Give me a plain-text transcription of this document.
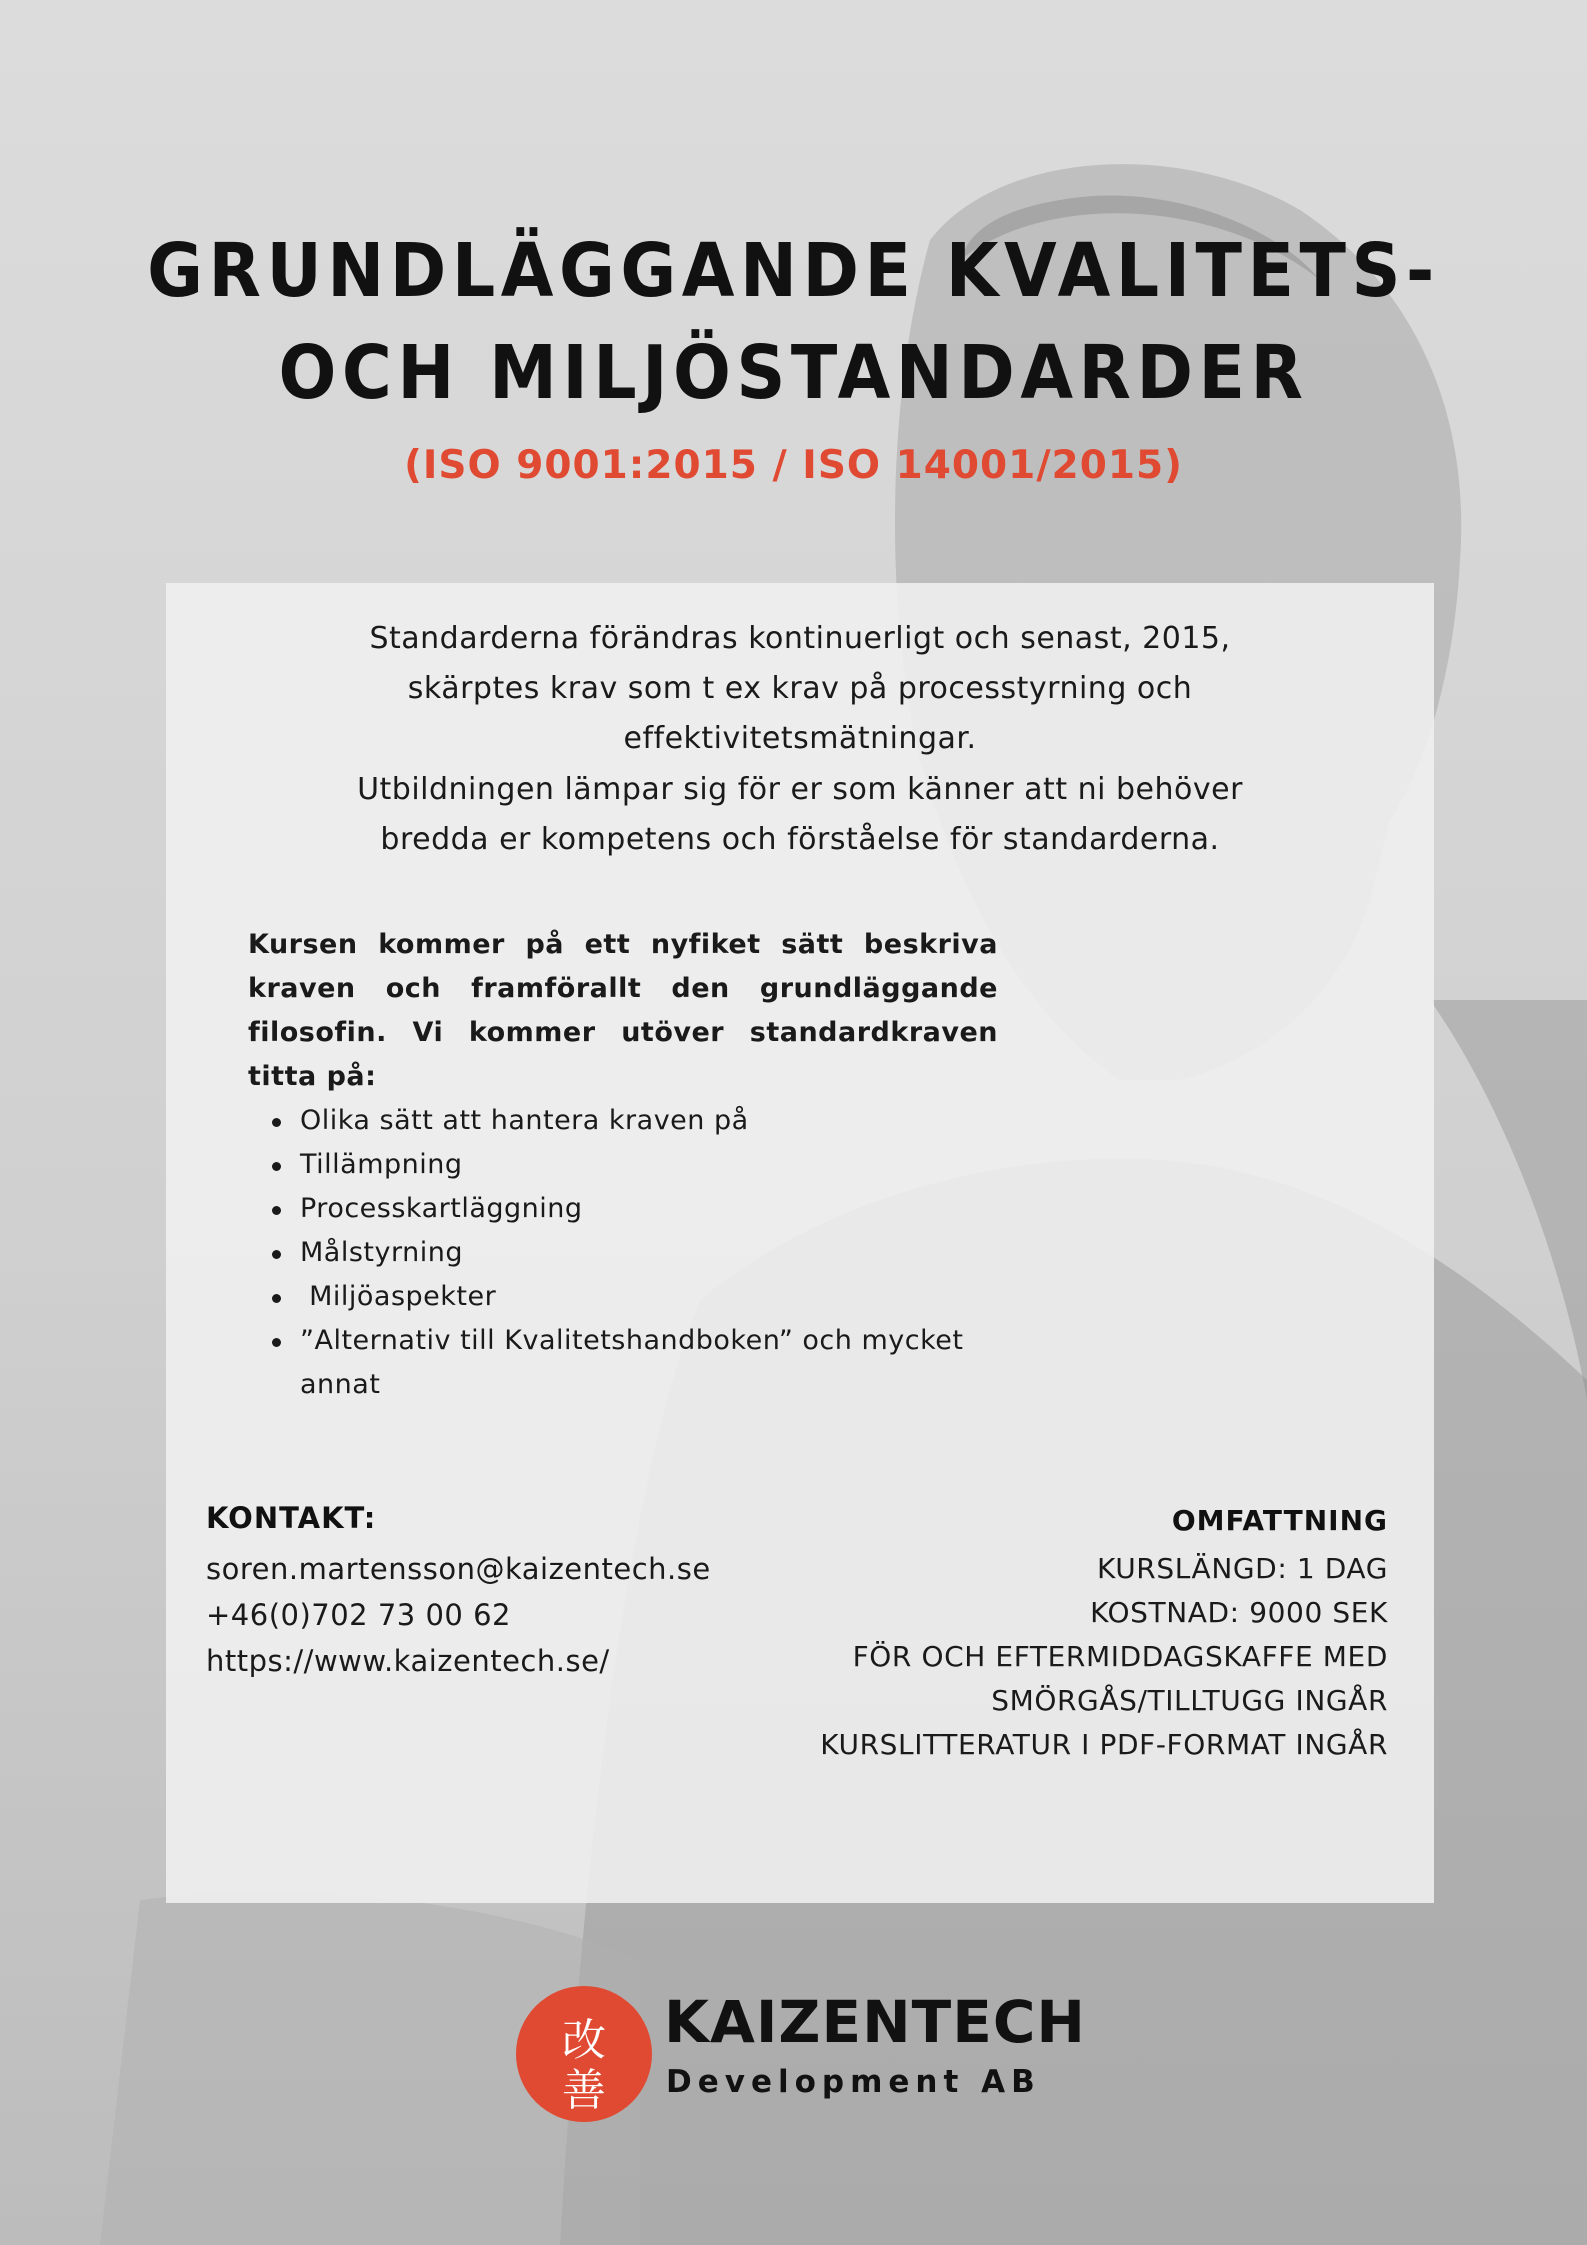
GRUNDLÄGGANDE KVALITETS-
OCH MILJÖSTANDARDER
(ISO 9001:2015 / ISO 14001/2015)
Standarderna förändras kontinuerligt och senast, 2015, skärptes krav som t ex krav på processtyrning och effektivitetsmätningar.
Utbildningen lämpar sig för er som känner att ni behöver bredda er kompetens och förståelse för standarderna.

Kursen kommer på ett nyfiket sätt beskriva kraven och framförallt den grundläggande filosofin. Vi kommer utöver standardkraven titta på:

Olika sätt att hantera kraven på
Tillämpning
Processkartläggning
Målstyrning
Miljöaspekter
”Alternativ till Kvalitetshandboken” och mycket annat
KONTAKT:
soren.martensson@kaizentech.se
+46(0)702 73 00 62
https://www.kaizentech.se/
OMFATTNING
KURSLÄNGD: 1 DAG
KOSTNAD: 9000 SEK
FÖR OCH EFTERMIDDAGSKAFFE MED
SMÖRGÅS/TILLTUGG INGÅR
KURSLITTERATUR I PDF-FORMAT INGÅR
改
善
KAIZENTECH
Development AB
